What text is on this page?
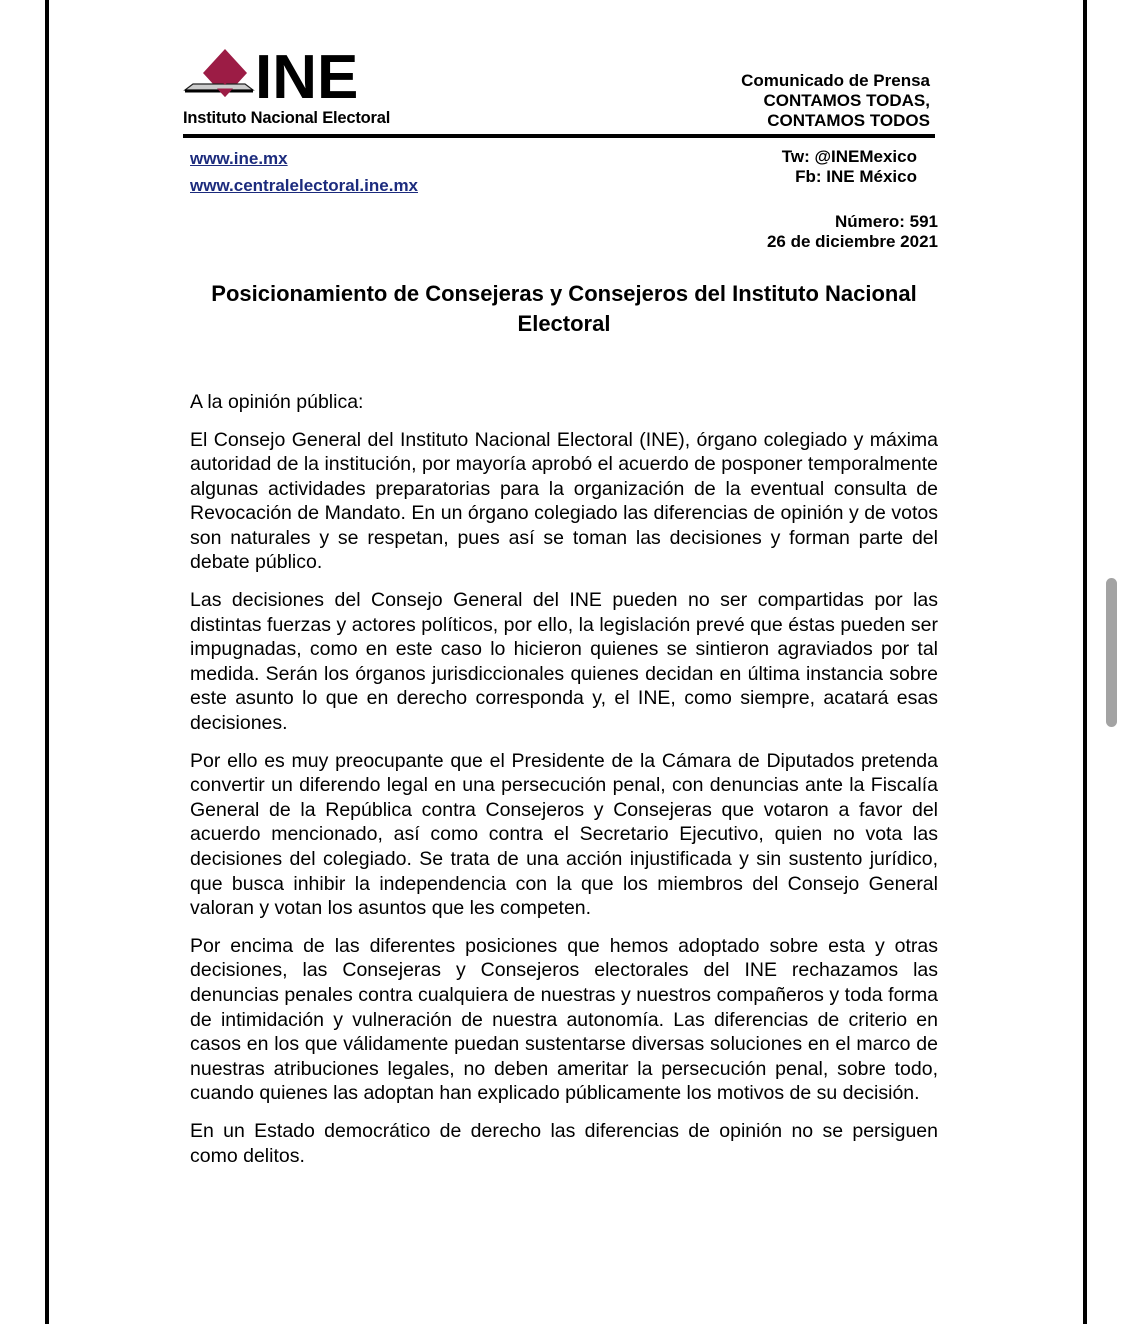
INE
Instituto Nacional Electoral
Comunicado de Prensa
CONTAMOS TODAS,
CONTAMOS TODOS
www.ine.mx
www.centralelectoral.ine.mx
Tw: @INEMexico
Fb: INE México
Número: 591
26 de diciembre 2021
Posicionamiento de Consejeras y Consejeros del Instituto Nacional Electoral

A la opinión pública:

El Consejo General del Instituto Nacional Electoral (INE), órgano colegiado y máxima autoridad de la institución, por mayoría aprobó el acuerdo de posponer temporalmente algunas actividades preparatorias para la organización de la eventual consulta de Revocación de Mandato. En un órgano colegiado las diferencias de opinión y de votos son naturales y se respetan, pues así se toman las decisiones y forman parte del debate público.

Las decisiones del Consejo General del INE pueden no ser compartidas por las distintas fuerzas y actores políticos, por ello, la legislación prevé que éstas pueden ser impugnadas, como en este caso lo hicieron quienes se sintieron agraviados por tal medida. Serán los órganos jurisdiccionales quienes decidan en última instancia sobre este asunto lo que en derecho corresponda y, el INE, como siempre, acatará esas decisiones.

Por ello es muy preocupante que el Presidente de la Cámara de Diputados pretenda convertir un diferendo legal en una persecución penal, con denuncias ante la Fiscalía General de la República contra Consejeros y Consejeras que votaron a favor del acuerdo mencionado, así como contra el Secretario Ejecutivo, quien no vota las decisiones del colegiado. Se trata de una acción injustificada y sin sustento jurídico, que busca inhibir la independencia con la que los miembros del Consejo General valoran y votan los asuntos que les competen.

Por encima de las diferentes posiciones que hemos adoptado sobre esta y otras decisiones, las Consejeras y Consejeros electorales del INE rechazamos las denuncias penales contra cualquiera de nuestras y nuestros compañeros y toda forma de intimidación y vulneración de nuestra autonomía. Las diferencias de criterio en casos en los que válidamente puedan sustentarse diversas soluciones en el marco de nuestras atribuciones legales, no deben ameritar la persecución penal, sobre todo, cuando quienes las adoptan han explicado públicamente los motivos de su decisión.

En un Estado democrático de derecho las diferencias de opinión no se persiguen como delitos.
